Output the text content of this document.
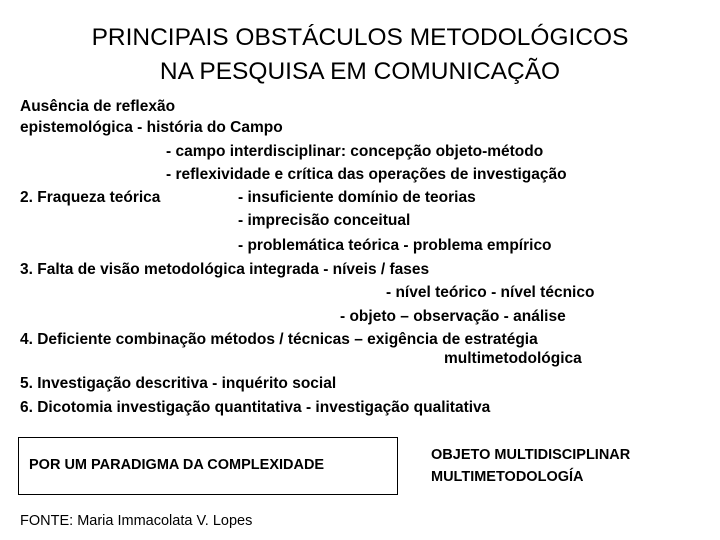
PRINCIPAIS OBSTÁCULOS METODOLÓGICOS
NA PESQUISA EM COMUNICAÇÃO
Ausência de reflexão
epistemológica - história do Campo
- campo interdisciplinar: concepção objeto-método
- reflexividade e crítica das operações de investigação
2. Fraqueza teórica	- insuficiente domínio de teorias
- imprecisão conceitual
- problemática teórica - problema empírico
3. Falta de visão metodológica integrada - níveis / fases
- nível teórico - nível técnico
- objeto – observação - análise
4. Deficiente combinação métodos / técnicas – exigência de estratégia
multimetodológica
5. Investigação descritiva - inquérito social
6. Dicotomia investigação quantitativa - investigação qualitativa
POR UM PARADIGMA DA COMPLEXIDADE
OBJETO MULTIDISCIPLINAR
MULTIMETODOLOGÍA
FONTE: Maria Immacolata V. Lopes
